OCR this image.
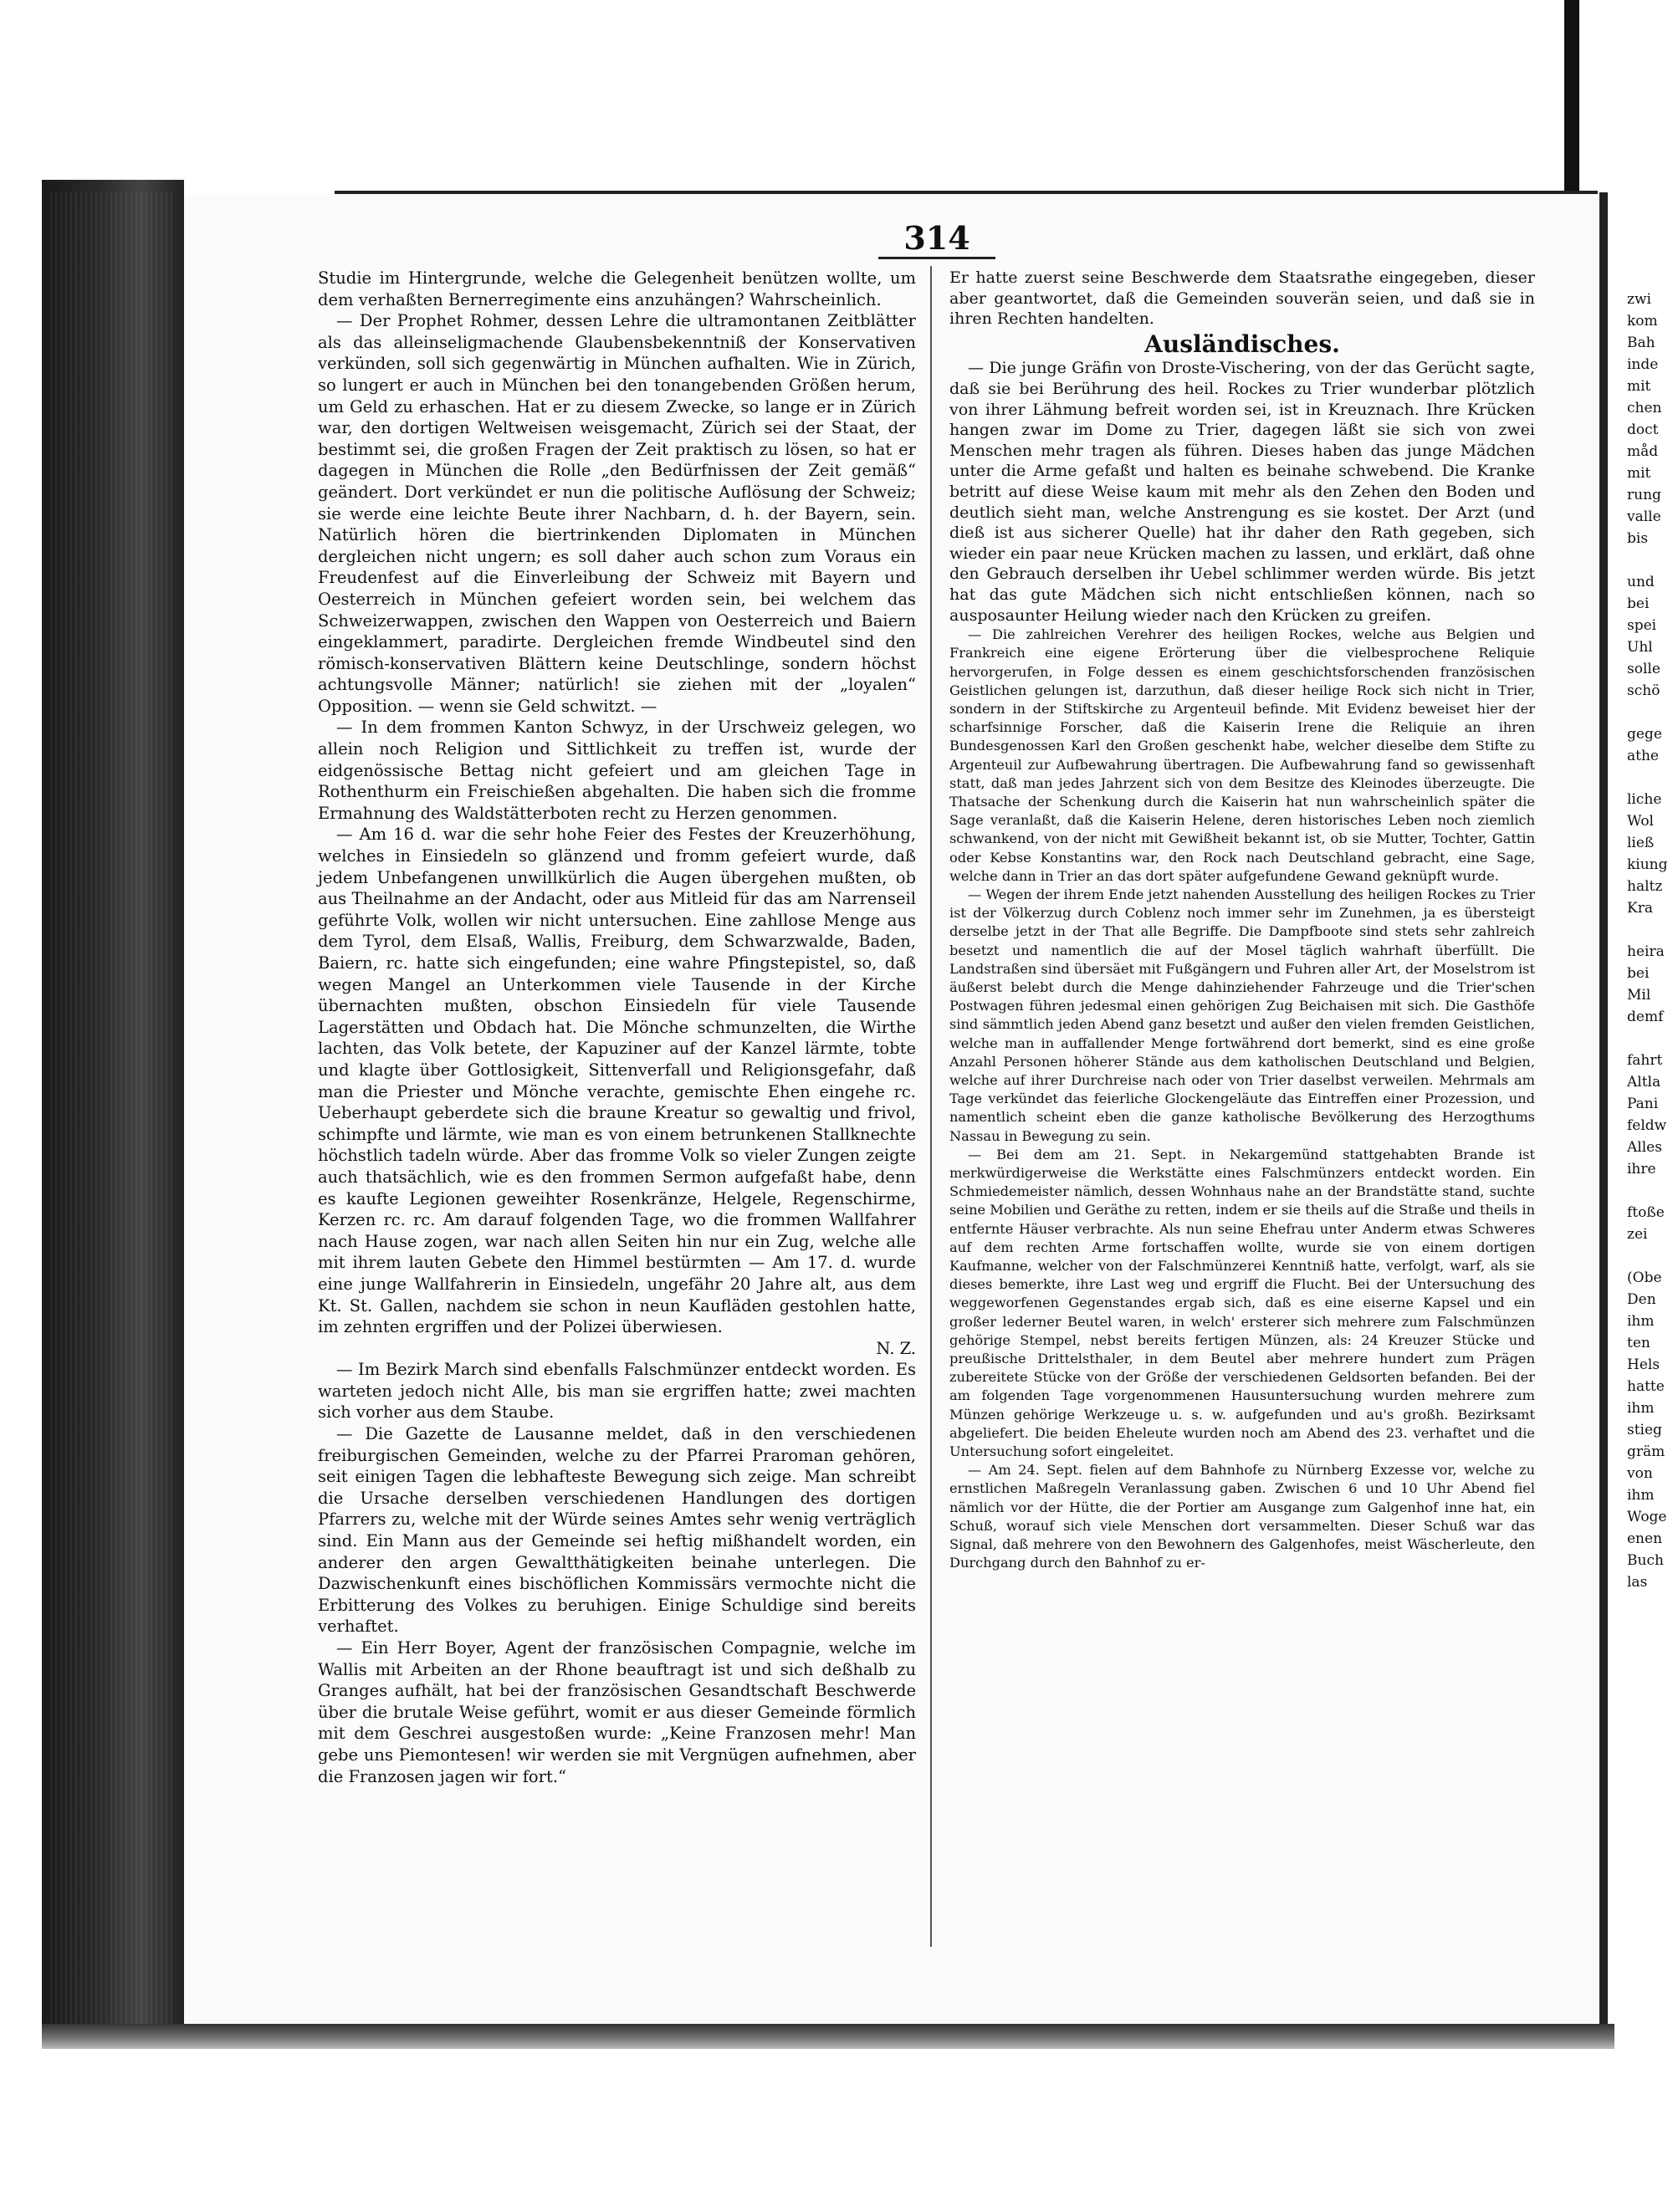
314

Studie im Hintergrunde, welche die Gelegenheit benützen wollte, um dem verhaßten Bernerregimente eins anzuhängen? Wahrscheinlich.

— Der Prophet Rohmer, dessen Lehre die ultramontanen Zeitblätter als das alleinseligmachende Glaubensbekenntniß der Konservativen verkünden, soll sich gegenwärtig in München aufhalten. Wie in Zürich, so lungert er auch in München bei den tonangebenden Größen herum, um Geld zu erhaschen. Hat er zu diesem Zwecke, so lange er in Zürich war, den dortigen Weltweisen weisgemacht, Zürich sei der Staat, der bestimmt sei, die großen Fragen der Zeit praktisch zu lösen, so hat er dagegen in München die Rolle „den Bedürfnissen der Zeit gemäß“ geändert. Dort verkündet er nun die politische Auflösung der Schweiz; sie werde eine leichte Beute ihrer Nachbarn, d. h. der Bayern, sein. Natürlich hören die biertrinkenden Diplomaten in München dergleichen nicht ungern; es soll daher auch schon zum Voraus ein Freudenfest auf die Einverleibung der Schweiz mit Bayern und Oesterreich in München gefeiert worden sein, bei welchem das Schweizerwappen, zwischen den Wappen von Oesterreich und Baiern eingeklammert, paradirte. Dergleichen fremde Windbeutel sind den römisch-konservativen Blättern keine Deutschlinge, sondern höchst achtungsvolle Männer; natürlich! sie ziehen mit der „loyalen“ Opposition. — wenn sie Geld schwitzt. —

— In dem frommen Kanton Schwyz, in der Urschweiz gelegen, wo allein noch Religion und Sittlichkeit zu treffen ist, wurde der eidgenössische Bettag nicht gefeiert und am gleichen Tage in Rothenthurm ein Freischießen abgehalten. Die haben sich die fromme Ermahnung des Waldstätterboten recht zu Herzen genommen.

— Am 16 d. war die sehr hohe Feier des Festes der Kreuzerhöhung, welches in Einsiedeln so glänzend und fromm gefeiert wurde, daß jedem Unbefangenen unwillkürlich die Augen übergehen mußten, ob aus Theilnahme an der Andacht, oder aus Mitleid für das am Narrenseil geführte Volk, wollen wir nicht untersuchen. Eine zahllose Menge aus dem Tyrol, dem Elsaß, Wallis, Freiburg, dem Schwarzwalde, Baden, Baiern, rc. hatte sich eingefunden; eine wahre Pfingstepistel, so, daß wegen Mangel an Unterkommen viele Tausende in der Kirche übernachten mußten, obschon Einsiedeln für viele Tausende Lagerstätten und Obdach hat. Die Mönche schmunzelten, die Wirthe lachten, das Volk betete, der Kapuziner auf der Kanzel lärmte, tobte und klagte über Gottlosigkeit, Sittenverfall und Religionsgefahr, daß man die Priester und Mönche verachte, gemischte Ehen eingehe rc. Ueberhaupt geberdete sich die braune Kreatur so gewaltig und frivol, schimpfte und lärmte, wie man es von einem betrunkenen Stallknechte höchstlich tadeln würde. Aber das fromme Volk so vieler Zungen zeigte auch thatsächlich, wie es den frommen Sermon aufgefaßt habe, denn es kaufte Legionen geweihter Rosenkränze, Helgele, Regenschirme, Kerzen rc. rc. Am darauf folgenden Tage, wo die frommen Wallfahrer nach Hause zogen, war nach allen Seiten hin nur ein Zug, welche alle mit ihrem lauten Gebete den Himmel bestürmten — Am 17. d. wurde eine junge Wallfahrerin in Einsiedeln, ungefähr 20 Jahre alt, aus dem Kt. St. Gallen, nachdem sie schon in neun Kaufläden gestohlen hatte, im zehnten ergriffen und der Polizei überwiesen.

N. Z.

— Im Bezirk March sind ebenfalls Falschmünzer entdeckt worden. Es warteten jedoch nicht Alle, bis man sie ergriffen hatte; zwei machten sich vorher aus dem Staube.

— Die Gazette de Lausanne meldet, daß in den verschiedenen freiburgischen Gemeinden, welche zu der Pfarrei Praroman gehören, seit einigen Tagen die lebhafteste Bewegung sich zeige. Man schreibt die Ursache derselben verschiedenen Handlungen des dortigen Pfarrers zu, welche mit der Würde seines Amtes sehr wenig verträglich sind. Ein Mann aus der Gemeinde sei heftig mißhandelt worden, ein anderer den argen Gewaltthätigkeiten beinahe unterlegen. Die Dazwischenkunft eines bischöflichen Kommissärs vermochte nicht die Erbitterung des Volkes zu beruhigen. Einige Schuldige sind bereits verhaftet.

— Ein Herr Boyer, Agent der französischen Compagnie, welche im Wallis mit Arbeiten an der Rhone beauftragt ist und sich deßhalb zu Granges aufhält, hat bei der französischen Gesandtschaft Beschwerde über die brutale Weise geführt, womit er aus dieser Gemeinde förmlich mit dem Geschrei ausgestoßen wurde: „Keine Franzosen mehr! Man gebe uns Piemontesen! wir werden sie mit Vergnügen aufnehmen, aber die Franzosen jagen wir fort.“

Er hatte zuerst seine Beschwerde dem Staatsrathe eingegeben, dieser aber geantwortet, daß die Gemeinden souverän seien, und daß sie in ihren Rechten handelten.

Ausländisches.

— Die junge Gräfin von Droste-Vischering, von der das Gerücht sagte, daß sie bei Berührung des heil. Rockes zu Trier wunderbar plötzlich von ihrer Lähmung befreit worden sei, ist in Kreuznach. Ihre Krücken hangen zwar im Dome zu Trier, dagegen läßt sie sich von zwei Menschen mehr tragen als führen. Dieses haben das junge Mädchen unter die Arme gefaßt und halten es beinahe schwebend. Die Kranke betritt auf diese Weise kaum mit mehr als den Zehen den Boden und deutlich sieht man, welche Anstrengung es sie kostet. Der Arzt (und dieß ist aus sicherer Quelle) hat ihr daher den Rath gegeben, sich wieder ein paar neue Krücken machen zu lassen, und erklärt, daß ohne den Gebrauch derselben ihr Uebel schlimmer werden würde. Bis jetzt hat das gute Mädchen sich nicht entschließen können, nach so ausposaunter Heilung wieder nach den Krücken zu greifen.

— Die zahlreichen Verehrer des heiligen Rockes, welche aus Belgien und Frankreich eine eigene Erörterung über die vielbesprochene Reliquie hervorgerufen, in Folge dessen es einem geschichtsforschenden französischen Geistlichen gelungen ist, darzuthun, daß dieser heilige Rock sich nicht in Trier, sondern in der Stiftskirche zu Argenteuil befinde. Mit Evidenz beweiset hier der scharfsinnige Forscher, daß die Kaiserin Irene die Reliquie an ihren Bundesgenossen Karl den Großen geschenkt habe, welcher dieselbe dem Stifte zu Argenteuil zur Aufbewahrung übertragen. Die Aufbewahrung fand so gewissenhaft statt, daß man jedes Jahrzent sich von dem Besitze des Kleinodes überzeugte. Die Thatsache der Schenkung durch die Kaiserin hat nun wahrscheinlich später die Sage veranlaßt, daß die Kaiserin Helene, deren historisches Leben noch ziemlich schwankend, von der nicht mit Gewißheit bekannt ist, ob sie Mutter, Tochter, Gattin oder Kebse Konstantins war, den Rock nach Deutschland gebracht, eine Sage, welche dann in Trier an das dort später aufgefundene Gewand geknüpft wurde.

— Wegen der ihrem Ende jetzt nahenden Ausstellung des heiligen Rockes zu Trier ist der Völkerzug durch Coblenz noch immer sehr im Zunehmen, ja es übersteigt derselbe jetzt in der That alle Begriffe. Die Dampfboote sind stets sehr zahlreich besetzt und namentlich die auf der Mosel täglich wahrhaft überfüllt. Die Landstraßen sind übersäet mit Fußgängern und Fuhren aller Art, der Moselstrom ist äußerst belebt durch die Menge dahinziehender Fahrzeuge und die Trier'schen Postwagen führen jedesmal einen gehörigen Zug Beichaisen mit sich. Die Gasthöfe sind sämmtlich jeden Abend ganz besetzt und außer den vielen fremden Geistlichen, welche man in auffallender Menge fortwährend dort bemerkt, sind es eine große Anzahl Personen höherer Stände aus dem katholischen Deutschland und Belgien, welche auf ihrer Durchreise nach oder von Trier daselbst verweilen. Mehrmals am Tage verkündet das feierliche Glockengeläute das Eintreffen einer Prozession, und namentlich scheint eben die ganze katholische Bevölkerung des Herzogthums Nassau in Bewegung zu sein.

— Bei dem am 21. Sept. in Nekargemünd stattgehabten Brande ist merkwürdigerweise die Werkstätte eines Falschmünzers entdeckt worden. Ein Schmiedemeister nämlich, dessen Wohnhaus nahe an der Brandstätte stand, suchte seine Mobilien und Geräthe zu retten, indem er sie theils auf die Straße und theils in entfernte Häuser verbrachte. Als nun seine Ehefrau unter Anderm etwas Schweres auf dem rechten Arme fortschaffen wollte, wurde sie von einem dortigen Kaufmanne, welcher von der Falschmünzerei Kenntniß hatte, verfolgt, warf, als sie dieses bemerkte, ihre Last weg und ergriff die Flucht. Bei der Untersuchung des weggeworfenen Gegenstandes ergab sich, daß es eine eiserne Kapsel und ein großer lederner Beutel waren, in welch' ersterer sich mehrere zum Falschmünzen gehörige Stempel, nebst bereits fertigen Münzen, als: 24 Kreuzer Stücke und preußische Drittelsthaler, in dem Beutel aber mehrere hundert zum Prägen zubereitete Stücke von der Größe der verschiedenen Geldsorten befanden. Bei der am folgenden Tage vorgenommenen Hausuntersuchung wurden mehrere zum Münzen gehörige Werkzeuge u. s. w. aufgefunden und au's großh. Bezirksamt abgeliefert. Die beiden Eheleute wurden noch am Abend des 23. verhaftet und die Untersuchung sofort eingeleitet.

— Am 24. Sept. fielen auf dem Bahnhofe zu Nürnberg Exzesse vor, welche zu ernstlichen Maßregeln Veranlassung gaben. Zwischen 6 und 10 Uhr Abend fiel nämlich vor der Hütte, die der Portier am Ausgange zum Galgenhof inne hat, ein Schuß, worauf sich viele Menschen dort versammelten. Dieser Schuß war das Signal, daß mehrere von den Bewohnern des Galgenhofes, meist Wäscherleute, den Durchgang durch den Bahnhof zu er-

zwi
kom
Bah
inde
mit
chen
doct
måd
mit
rung
valle
bis
und
bei
spei
Uhl
solle
schö
gege
athe
liche
Wol
ließ
kiung
haltz
Kra
heira
bei
Mil
demf
fahrt
Altla
Pani
feldw
Alles
ihre
ftoße
zei
(Obe
Den
ihm
ten
Hels
hatte
ihm
stieg
gräm
von
ihm
Woge
enen
Buch
las
